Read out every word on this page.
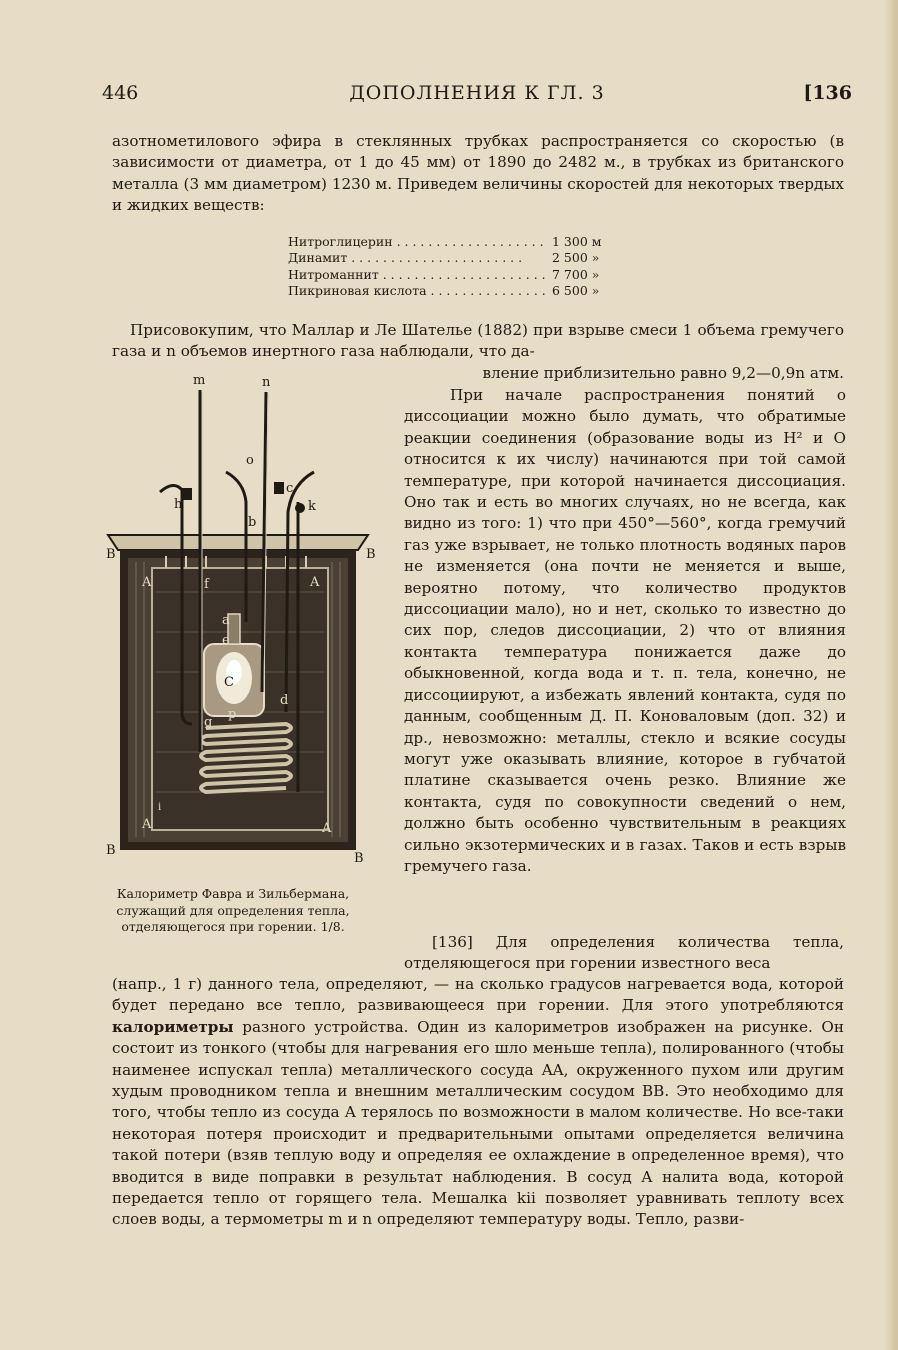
446	ДОПОЛНЕНИЯ К ГЛ. 3	[136

азотнометилового эфира в стеклянных трубках распространяется со скоростью (в зависимости от диаметра, от 1 до 45 мм) от 1890 до 2482 м., в трубках из британского металла (3 мм диаметром) 1230 м. Приведем величины скоростей для некоторых твердых и жидких веществ:

Нитроглицерин . . .	1 300 м
Динамит . . .	2 500 »
Нитроманнит . . .	7 700 »
Пикриновая кислота . . .	6 500 »

Присовокупим, что Маллар и Ле Шателье (1882) при взрыве смеси 1 объема гремучего газа и n объемов инертного газа наблюдали, что да-

вление приблизительно равно 9,2—0,9n атм.

При начале распространения понятий о диссоциации можно было думать, что обратимые реакции соединения (образование воды из H² и O относится к их числу) начинаются при той самой температуре, при которой начинается диссоциация. Оно так и есть во многих случаях, но не всегда, как видно из того: 1) что при 450°—560°, когда гремучий газ уже взрывает, не только плотность водяных паров не изменяется (она почти не меняется и выше, вероятно потому, что количество продуктов диссоциации мало), но и нет, сколько то известно до сих пор, следов диссоциации, 2) что от влияния контакта температура понижается даже до обыкновенной, когда вода и т. п. тела, конечно, не диссоциируют, а избежать явлений контакта, судя по данным, сообщенным Д. П. Коноваловым (доп. 32) и др., невозможно: металлы, стекло и всякие сосуды могут уже оказывать влияние, которое в губчатой платине сказывается очень резко. Влияние же контакта, судя по совокупности сведений о нем, должно быть особенно чувствительным в реакциях сильно экзотермических и в газах. Таков и есть взрыв гремучего газа.

m	n
o
h
c
k
b
B	B
A	A
f
a
e
C
d
g
p
i
A	A
B
B

Калориметр Фавра и Зильбермана, служащий для определения тепла, отделяющегося при горении. 1/8.

[136] Для определения количества тепла, отделяющегося при горении известного веса

(напр., 1 г) данного тела, определяют, — на сколько градусов нагревается вода, которой будет передано все тепло, развивающееся при горении. Для этого употребляются калориметры разного устройства. Один из калориметров изображен на рисунке. Он состоит из тонкого (чтобы для нагревания его шло меньше тепла), полированного (чтобы наименее испускал тепла) металлического сосуда AA, окруженного пухом или другим худым проводником тепла и внешним металлическим сосудом BB. Это необходимо для того, чтобы тепло из сосуда A терялось по возможности в малом количестве. Но все-таки некоторая потеря происходит и предварительными опытами определяется величина такой потери (взяв теплую воду и определяя ее охлаждение в определенное время), что вводится в виде поправки в результат наблюдения. В сосуд A налита вода, которой передается тепло от горящего тела. Мешалка kii позволяет уравнивать теплоту всех слоев воды, а термометры m и n определяют температуру воды. Тепло, разви-
